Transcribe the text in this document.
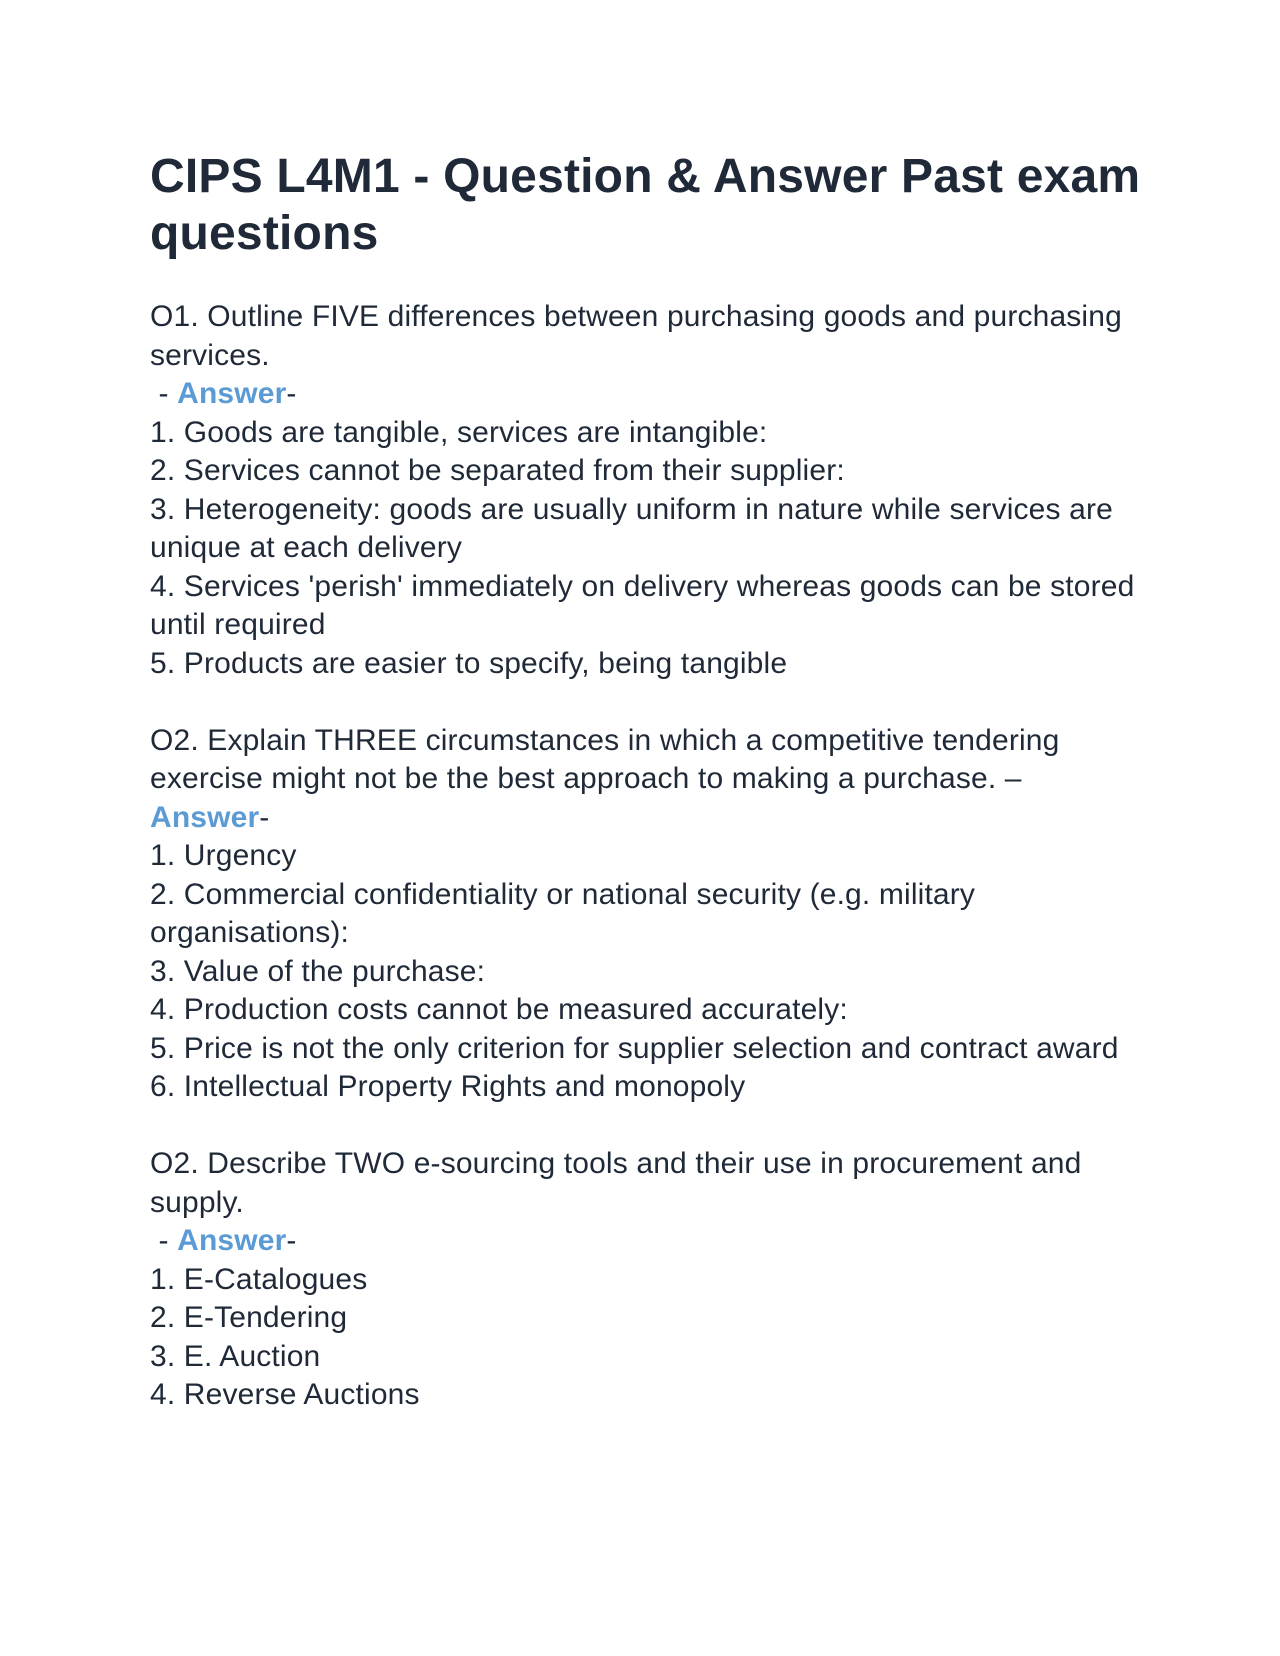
CIPS L4M1 - Question & Answer Past exam questions
O1. Outline FIVE differences between purchasing goods and purchasing services.
- Answer-
1. Goods are tangible, services are intangible:
2. Services cannot be separated from their supplier:
3. Heterogeneity: goods are usually uniform in nature while services are unique at each delivery
4. Services 'perish' immediately on delivery whereas goods can be stored until required
5. Products are easier to specify, being tangible
O2. Explain THREE circumstances in which a competitive tendering exercise might not be the best approach to making a purchase. –
Answer-
1. Urgency
2. Commercial confidentiality or national security (e.g. military organisations):
3. Value of the purchase:
4. Production costs cannot be measured accurately:
5. Price is not the only criterion for supplier selection and contract award
6. Intellectual Property Rights and monopoly
O2. Describe TWO e-sourcing tools and their use in procurement and supply.
- Answer-
1. E-Catalogues
2. E-Tendering
3. E. Auction
4. Reverse Auctions
